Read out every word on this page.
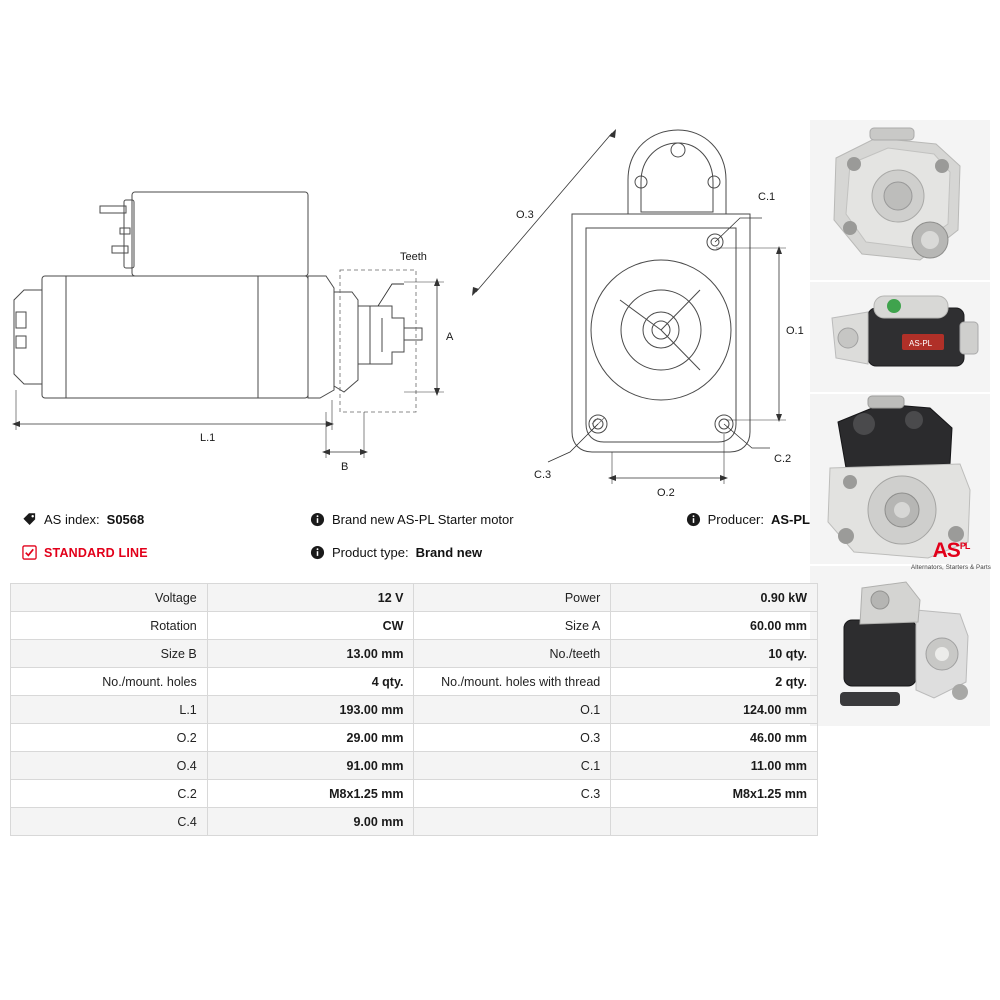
Teeth
A
B
L.1
O.1
O.2
O.3
C.1
C.2
C.3
AS-PL
AS index: S0568	Brand new AS-PL Starter motor	Producer: AS-PL
STANDARD LINE	Product type: Brand new	$AS^{PL}$
Alternators, Starters & Parts
Voltage	12 V	Power	0.90 kW
Rotation	CW	Size A	60.00 mm
Size B	13.00 mm	No./teeth	10 qty.
No./mount. holes	4 qty.	No./mount. holes with thread	2 qty.
L.1	193.00 mm	O.1	124.00 mm
O.2	29.00 mm	O.3	46.00 mm
O.4	91.00 mm	C.1	11.00 mm
C.2	M8x1.25 mm	C.3	M8x1.25 mm
C.4	9.00 mm		
